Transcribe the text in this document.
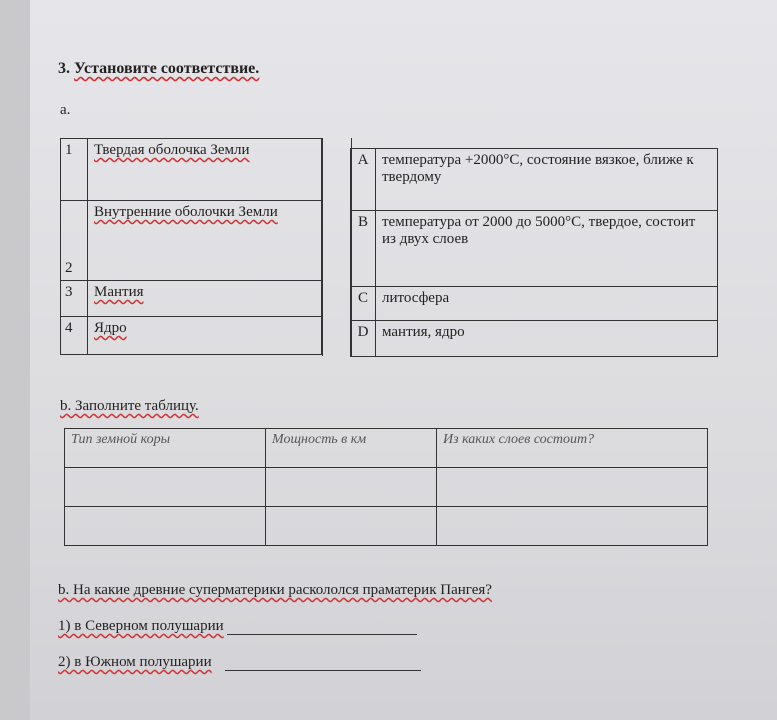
3. Установите соответствие.
a.
1	Твердая оболочка Земли
2	Внутренние оболочки Земли
3	Мантия
4	Ядро
A	температура +2000°С, состояние вязкое, ближе к твердому
B	температура от 2000 до 5000°С, твердое, состоит из двух слоев
C	литосфера
D	мантия, ядро
b. Заполните таблицу.
Тип земной коры	Мощность в км	Из каких слоев состоит?

b. На какие древние суперматерики раскололся праматерик Пангея?
1) в Северном полушарии
2) в Южном полушарии
